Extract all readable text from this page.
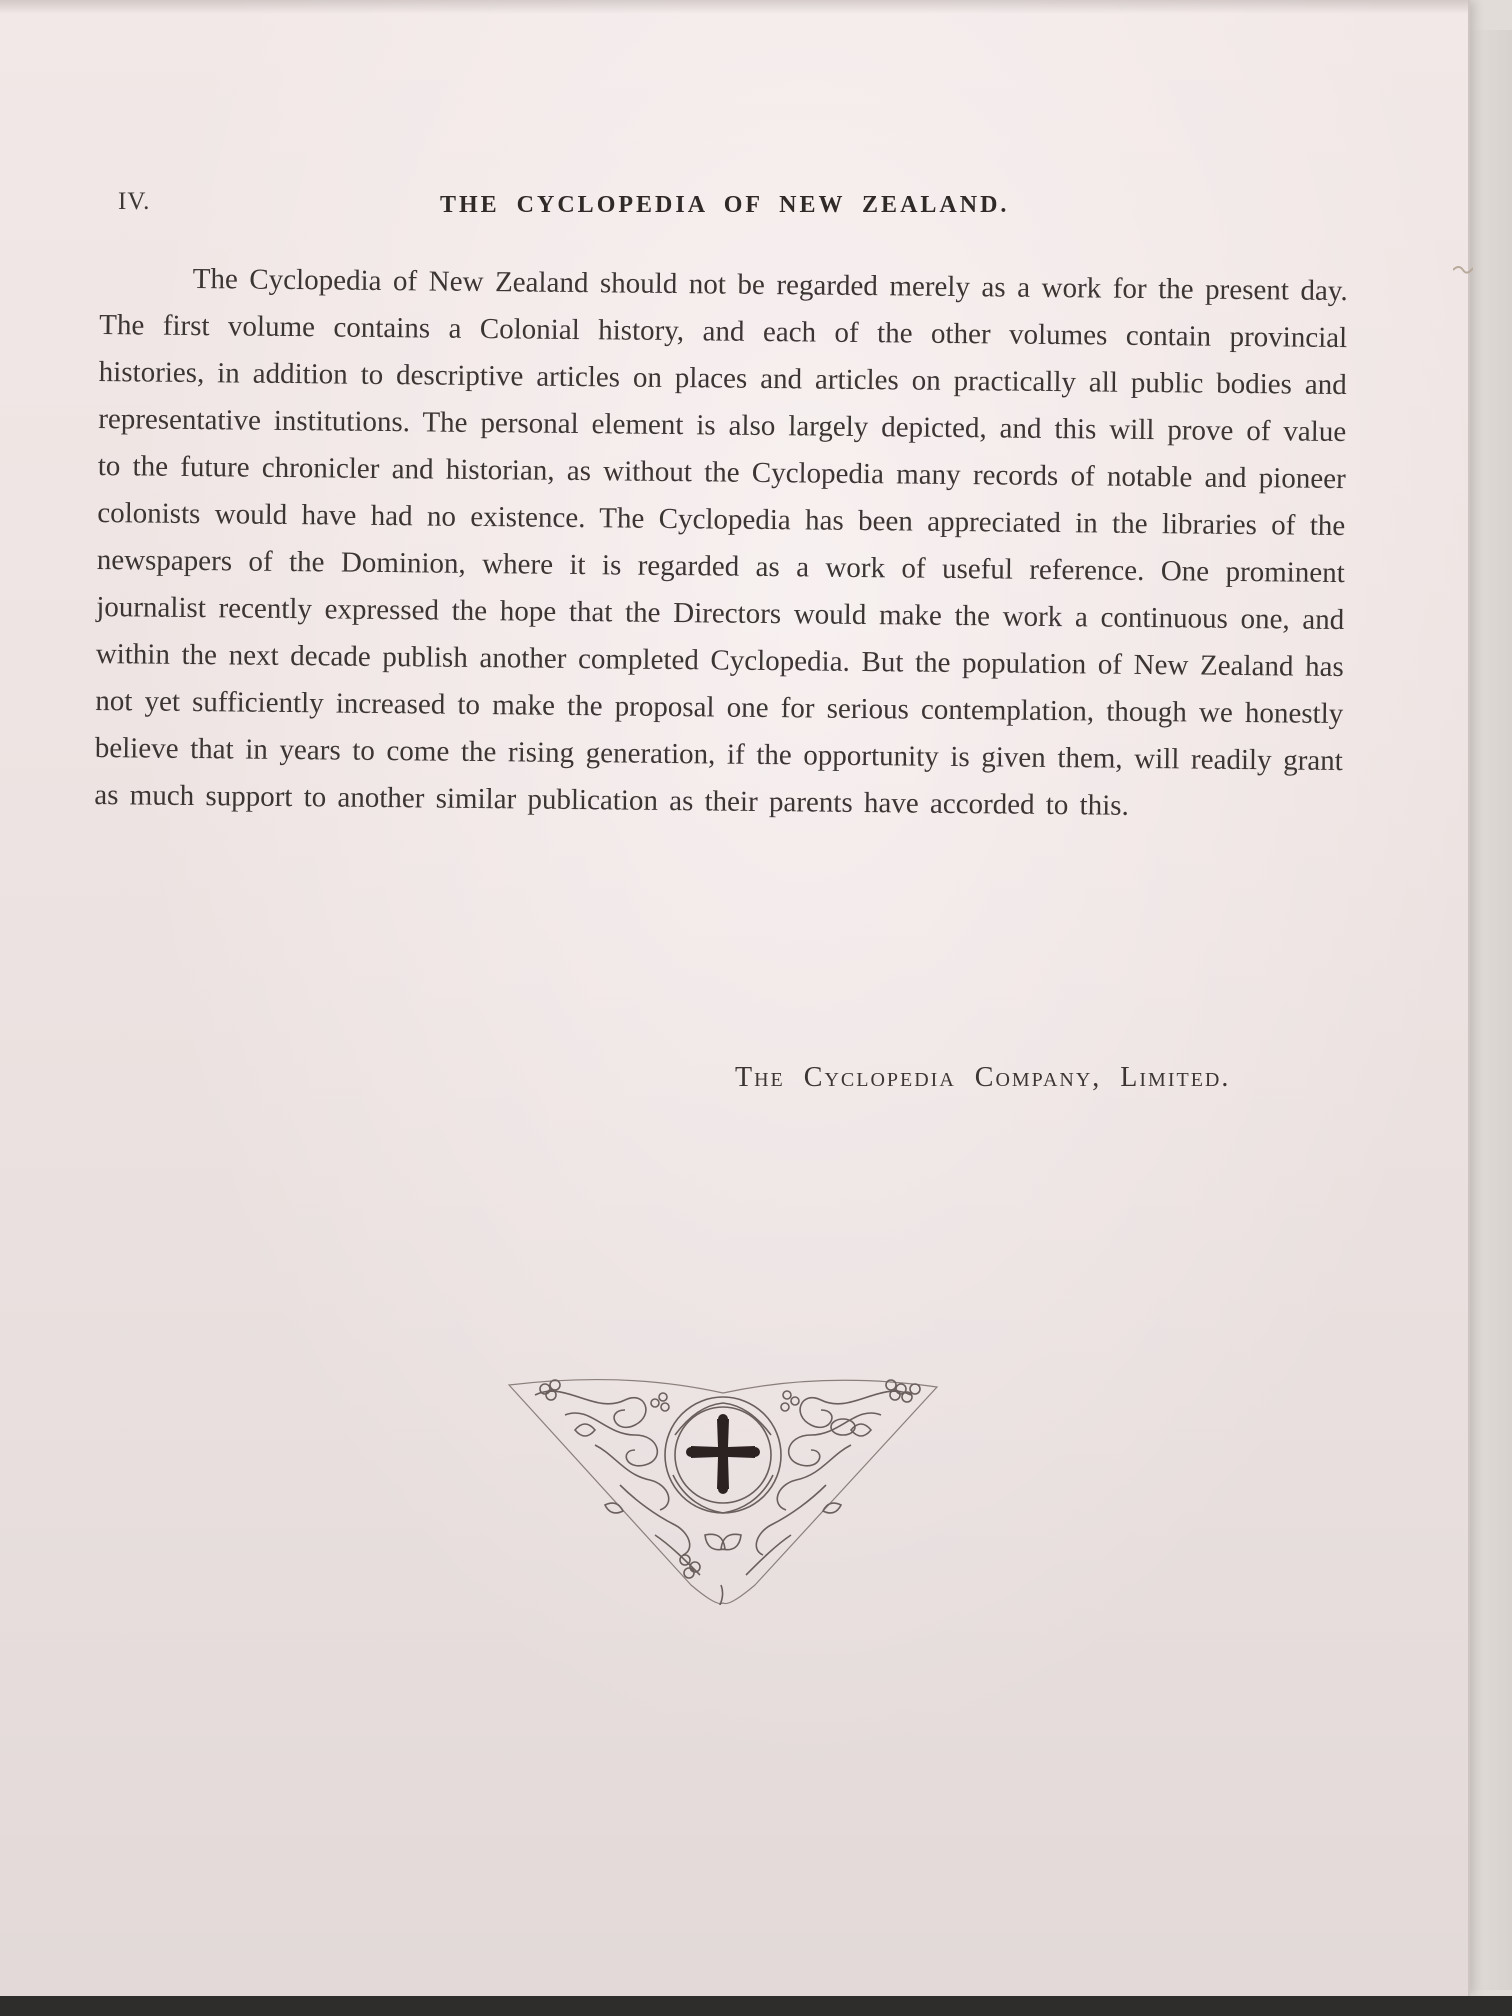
IV.	THE CYCLOPEDIA OF NEW ZEALAND.

The Cyclopedia of New Zealand should not be regarded merely as a work for the present day. The first volume contains a Colonial history, and each of the other volumes contain provincial histories, in addition to descriptive articles on places and articles on practically all public bodies and representative institutions. The personal element is also largely depicted, and this will prove of value to the future chronicler and historian, as without the Cyclopedia many records of notable and pioneer colonists would have had no existence. The Cyclopedia has been appreciated in the libraries of the newspapers of the Dominion, where it is regarded as a work of useful reference. One prominent journalist recently expressed the hope that the Directors would make the work a continuous one, and within the next decade publish another completed Cyclopedia. But the population of New Zealand has not yet sufficiently increased to make the proposal one for serious contemplation, though we honestly believe that in years to come the rising generation, if the opportunity is given them, will readily grant as much support to another similar publication as their parents have accorded to this.

The Cyclopedia Company, Limited.
